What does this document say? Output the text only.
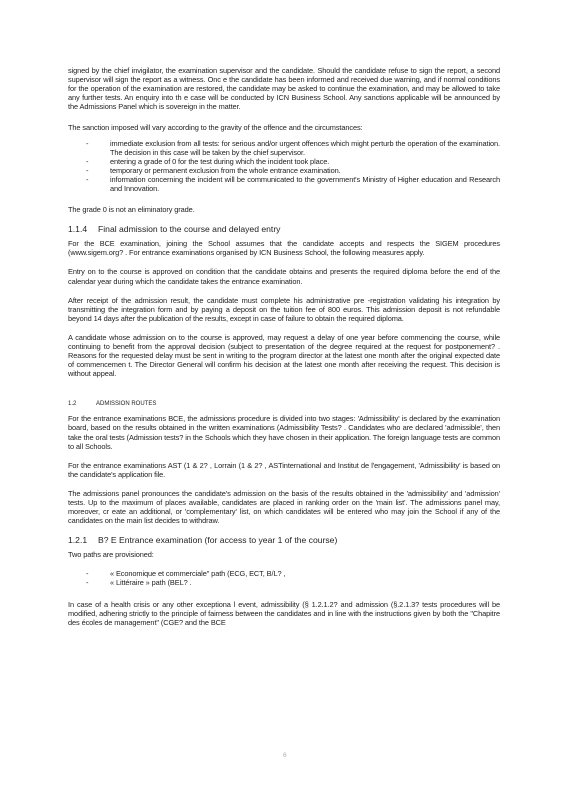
signed by the chief invigilator, the examination supervisor and the candidate. Should the candidate refuse to sign the report, a second supervisor will sign the report as a witness. Onc e the candidate has been informed and received due warning, and if normal conditions for the operation of the examination are restored, the candidate may be asked to continue the examination, and may be allowed to take any further tests. An enquiry into th e case will be conducted by ICN Business School. Any sanctions applicable will be announced by the Admissions Panel which is sovereign in the matter.

The sanction imposed will vary according to the gravity of the offence and the circumstances:

-	immediate exclusion from all tests: for serious and/or urgent offences which might perturb the operation of the examination. The decision in this case will be taken by the chief supervisor.
-	entering a grade of 0 for the test during which the incident took place.
-	temporary or permanent exclusion from the whole entrance examination.
-	information concerning the incident will be communicated to the government's Ministry of Higher education and Research and Innovation.

The grade 0 is not an eliminatory grade.

1.1.4	Final admission to the course and delayed entry

For the BCE examination, joining the School assumes that the candidate accepts and respects the SIGEM procedures (www.sigem.org? . For entrance examinations organised by ICN Business School, the following measures apply.

Entry on to the course is approved on condition that the candidate obtains and presents the required diploma before the end of the calendar year during which the candidate takes the entrance examination.

After receipt of the admission result, the candidate must complete his administrative pre -registration validating his integration by transmitting the integration form and by paying a deposit on the tuition fee of 800 euros. This admission deposit is not refundable beyond 14 days after the publication of the results, except in case of failure to obtain the required diploma.

A candidate whose admission on to the course is approved, may request a delay of one year before commencing the course, while continuing to benefit from the approval decision (subject to presentation of the degree required at the request for postponement? . Reasons for the requested delay must be sent in writing to the program director at the latest one month after the original expected date of commencemen t. The Director General will confirm his decision at the latest one month after receiving the request. This decision is without appeal.

1.2	ADMISSION ROUTES

For the entrance examinations BCE, the admissions procedure is divided into two stages: 'Admissibility' is declared by the examination board, based on the results obtained in the written examinations (Admissibility Tests? . Candidates who are declared 'admissible', then take the oral tests (Admission tests? in the Schools which they have chosen in their application. The foreign language tests are common to all Schools.

For the entrance examinations AST (1 & 2? , Lorrain (1 & 2? , ASTinternational and Institut de l'engagement, 'Admissibility' is based on the candidate's application file.

The admissions panel pronounces the candidate's admission on the basis of the results obtained in the 'admissibility' and 'admission' tests. Up to the maximum of places available, candidates are placed in ranking order on the 'main list'. The admissions panel may, moreover, cr eate an additional, or 'complementary' list, on which candidates will be entered who may join the School if any of the candidates on the main list decides to withdraw.

1.2.1	B? E Entrance examination (for access to year 1 of the course)

Two paths are provisioned:

-	« Economique et commerciale" path (ECG, ECT, B/L? ,
-	« Littéraire » path (BEL? .

In case of a health crisis or any other exceptiona l event, admissibility (§ 1.2.1.2? and admission (§.2.1.3? tests procedures will be modified, adhering strictly to the principle of fairness between the candidates and in line with the instructions given by both the "Chapitre des écoles de management" (CGE? and the BCE

6
